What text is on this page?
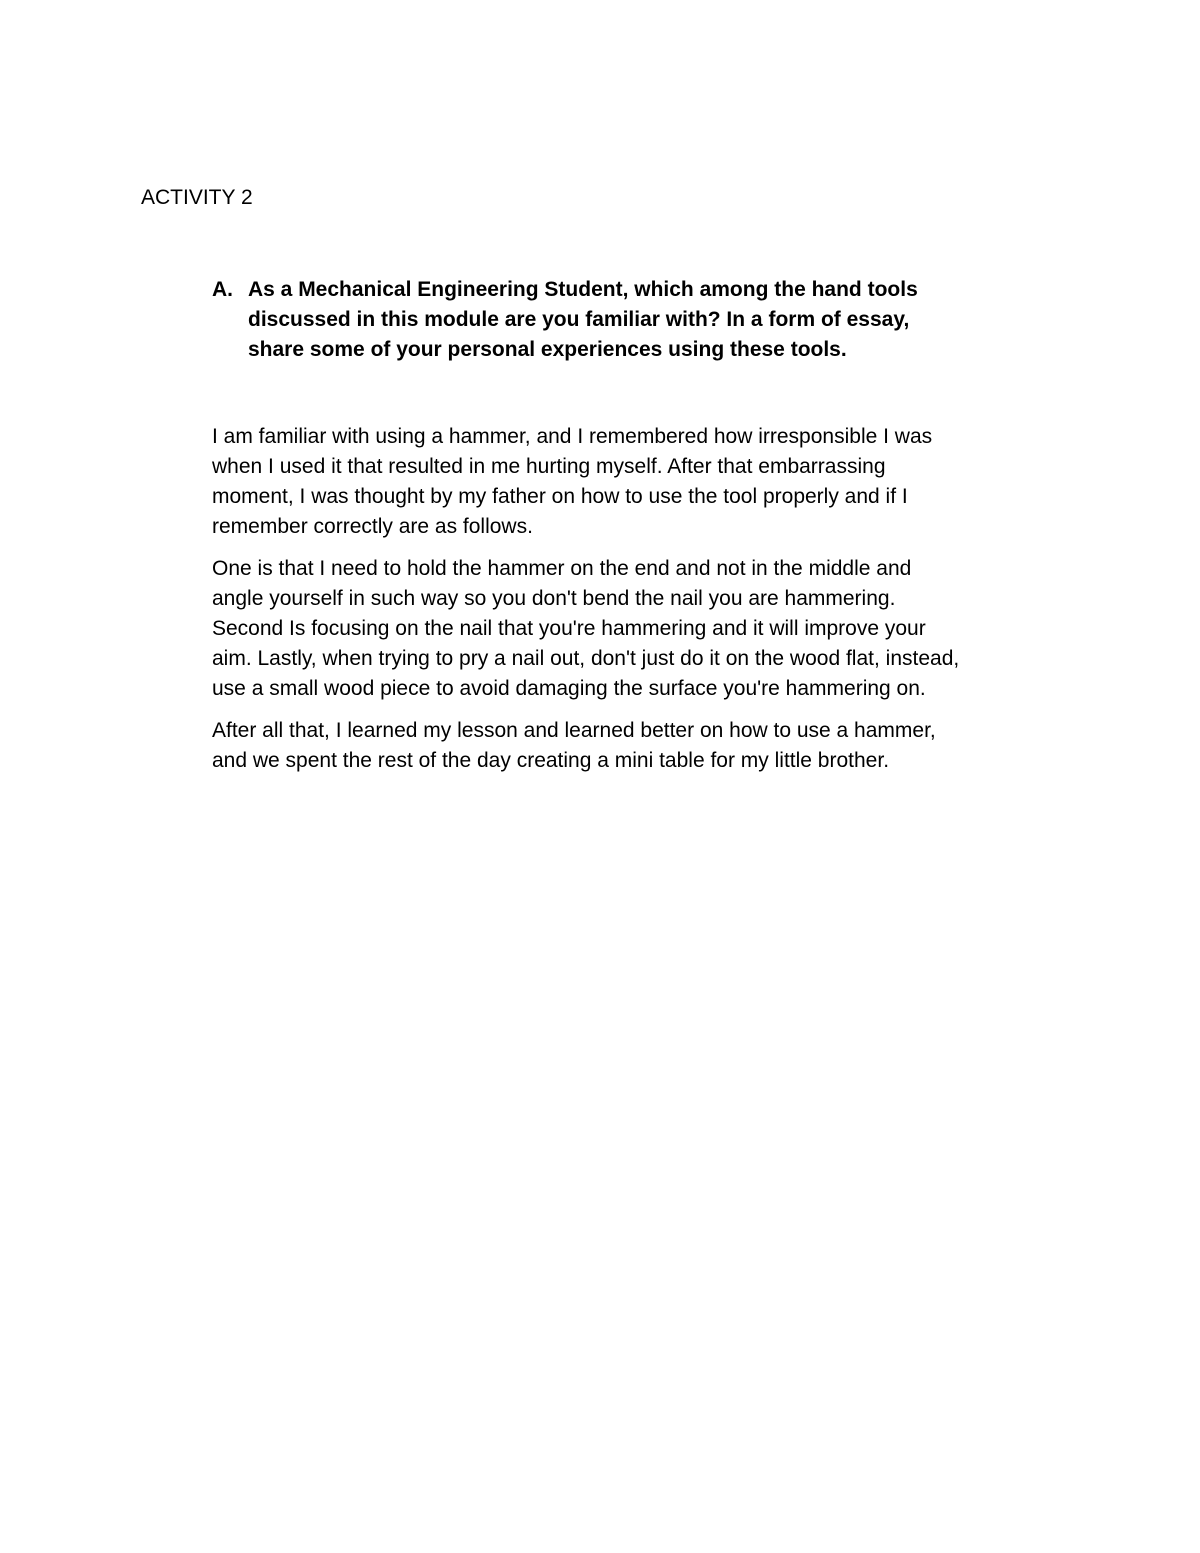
ACTIVITY 2
A. As a Mechanical Engineering Student, which among the hand tools
discussed in this module are you familiar with? In a form of essay,
share some of your personal experiences using these tools.

I am familiar with using a hammer, and I remembered how irresponsible I was
when I used it that resulted in me hurting myself. After that embarrassing
moment, I was thought by my father on how to use the tool properly and if I
remember correctly are as follows.

One is that I need to hold the hammer on the end and not in the middle and
angle yourself in such way so you don't bend the nail you are hammering.
Second Is focusing on the nail that you're hammering and it will improve your
aim. Lastly, when trying to pry a nail out, don't just do it on the wood flat, instead,
use a small wood piece to avoid damaging the surface you're hammering on.

After all that, I learned my lesson and learned better on how to use a hammer,
and we spent the rest of the day creating a mini table for my little brother.
